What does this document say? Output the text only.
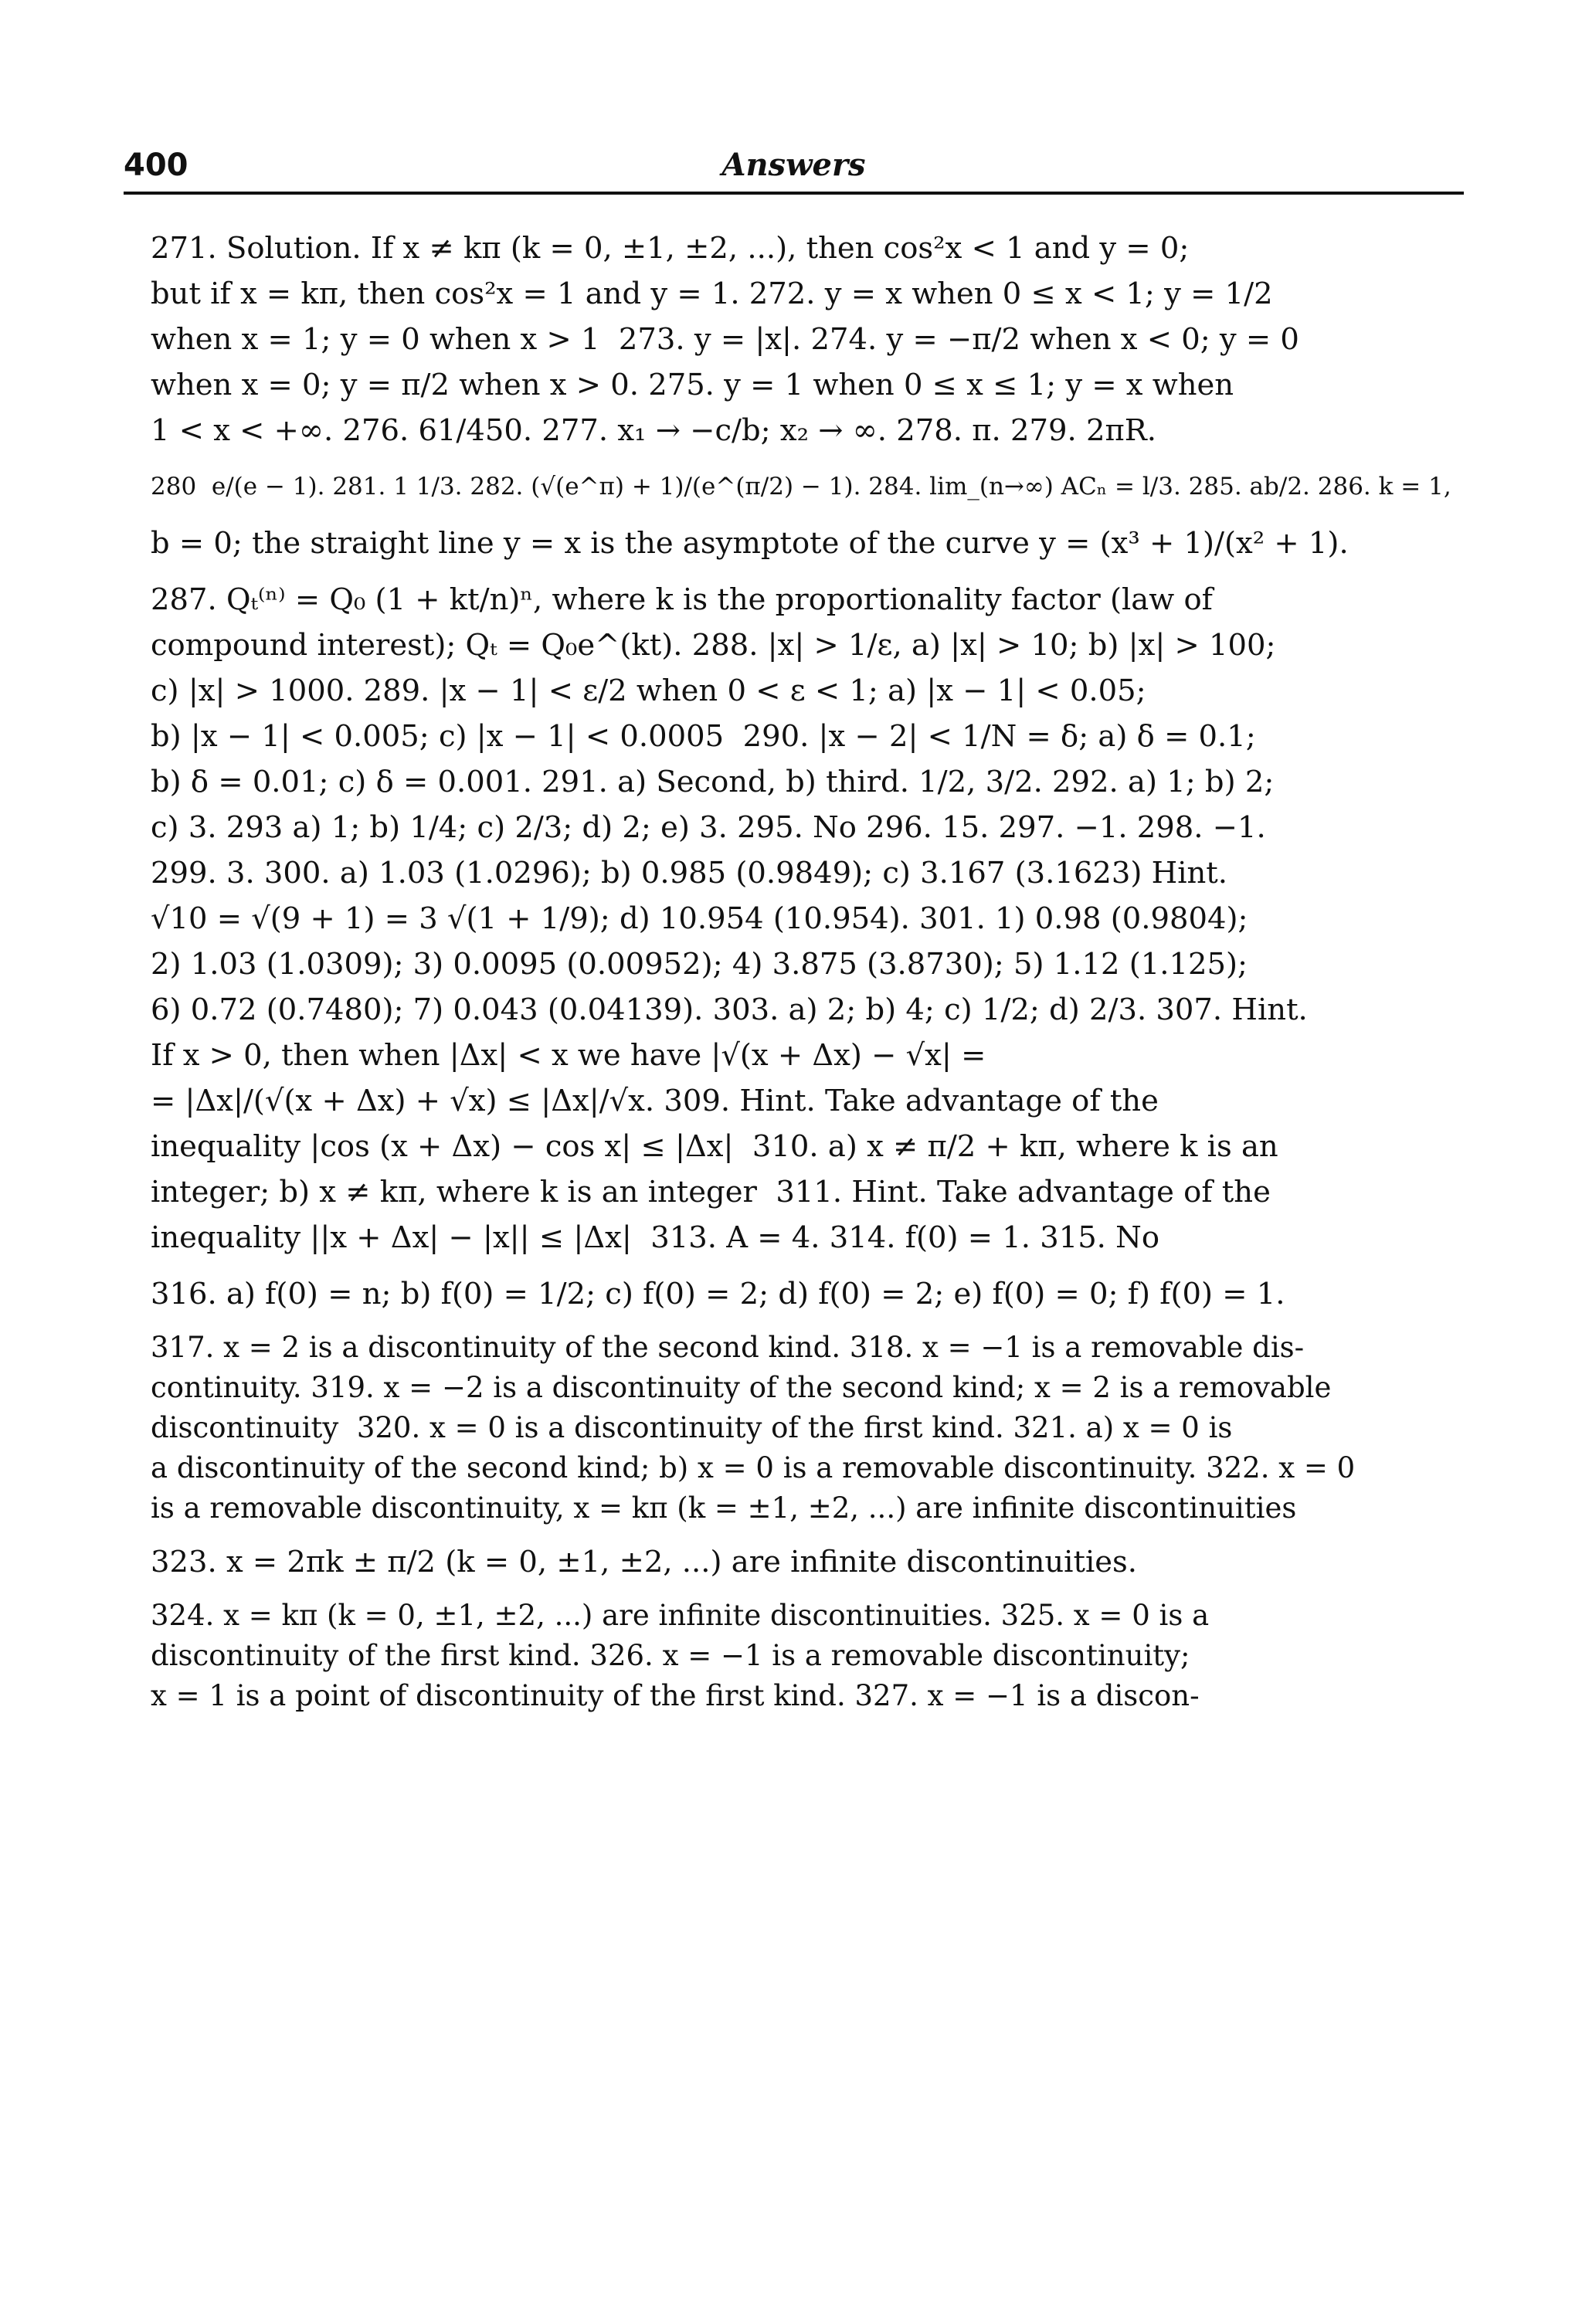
400	Answers
271. Solution. If x ≠ kπ (k = 0, ±1, ±2, ...), then cos²x < 1 and y = 0;
but if x = kπ, then cos²x = 1 and y = 1. 272. y = x when 0 ≤ x < 1; y = 1/2
when x = 1; y = 0 when x > 1  273. y = |x|. 274. y = −π/2 when x < 0; y = 0
when x = 0; y = π/2 when x > 0. 275. y = 1 when 0 ≤ x ≤ 1; y = x when
1 < x < +∞. 276. 61/450. 277. x₁ → −c/b; x₂ → ∞. 278. π. 279. 2πR.
280  e/(e − 1). 281. 1 1/3. 282. (√(e^π) + 1)/(e^(π/2) − 1). 284. lim_(n→∞) ACₙ = l/3. 285. ab/2. 286. k = 1,
b = 0; the straight line y = x is the asymptote of the curve y = (x³ + 1)/(x² + 1).
287. Qₜ⁽ⁿ⁾ = Q₀ (1 + kt/n)ⁿ, where k is the proportionality factor (law of
compound interest); Qₜ = Q₀e^(kt). 288. |x| > 1/ε, a) |x| > 10; b) |x| > 100;
c) |x| > 1000. 289. |x − 1| < ε/2 when 0 < ε < 1; a) |x − 1| < 0.05;
b) |x − 1| < 0.005; c) |x − 1| < 0.0005  290. |x − 2| < 1/N = δ; a) δ = 0.1;
b) δ = 0.01; c) δ = 0.001. 291. a) Second, b) third. 1/2, 3/2. 292. a) 1; b) 2;
c) 3. 293 a) 1; b) 1/4; c) 2/3; d) 2; e) 3. 295. No 296. 15. 297. −1. 298. −1.
299. 3. 300. a) 1.03 (1.0296); b) 0.985 (0.9849); c) 3.167 (3.1623) Hint.
√10 = √(9 + 1) = 3 √(1 + 1/9); d) 10.954 (10.954). 301. 1) 0.98 (0.9804);
2) 1.03 (1.0309); 3) 0.0095 (0.00952); 4) 3.875 (3.8730); 5) 1.12 (1.125);
6) 0.72 (0.7480); 7) 0.043 (0.04139). 303. a) 2; b) 4; c) 1/2; d) 2/3. 307. Hint.
If x > 0, then when |Δx| < x we have |√(x + Δx) − √x| =
= |Δx|/(√(x + Δx) + √x) ≤ |Δx|/√x. 309. Hint. Take advantage of the
inequality |cos (x + Δx) − cos x| ≤ |Δx|  310. a) x ≠ π/2 + kπ, where k is an
integer; b) x ≠ kπ, where k is an integer  311. Hint. Take advantage of the
inequality ||x + Δx| − |x|| ≤ |Δx|  313. A = 4. 314. f(0) = 1. 315. No
316. a) f(0) = n; b) f(0) = 1/2; c) f(0) = 2; d) f(0) = 2; e) f(0) = 0; f) f(0) = 1.
317. x = 2 is a discontinuity of the second kind. 318. x = −1 is a removable dis-
continuity. 319. x = −2 is a discontinuity of the second kind; x = 2 is a removable
discontinuity  320. x = 0 is a discontinuity of the first kind. 321. a) x = 0 is
a discontinuity of the second kind; b) x = 0 is a removable discontinuity. 322. x = 0
is a removable discontinuity, x = kπ (k = ±1, ±2, ...) are infinite discontinuities
323. x = 2πk ± π/2 (k = 0, ±1, ±2, ...) are infinite discontinuities.
324. x = kπ (k = 0, ±1, ±2, ...) are infinite discontinuities. 325. x = 0 is a
discontinuity of the first kind. 326. x = −1 is a removable discontinuity;
x = 1 is a point of discontinuity of the first kind. 327. x = −1 is a discon-
